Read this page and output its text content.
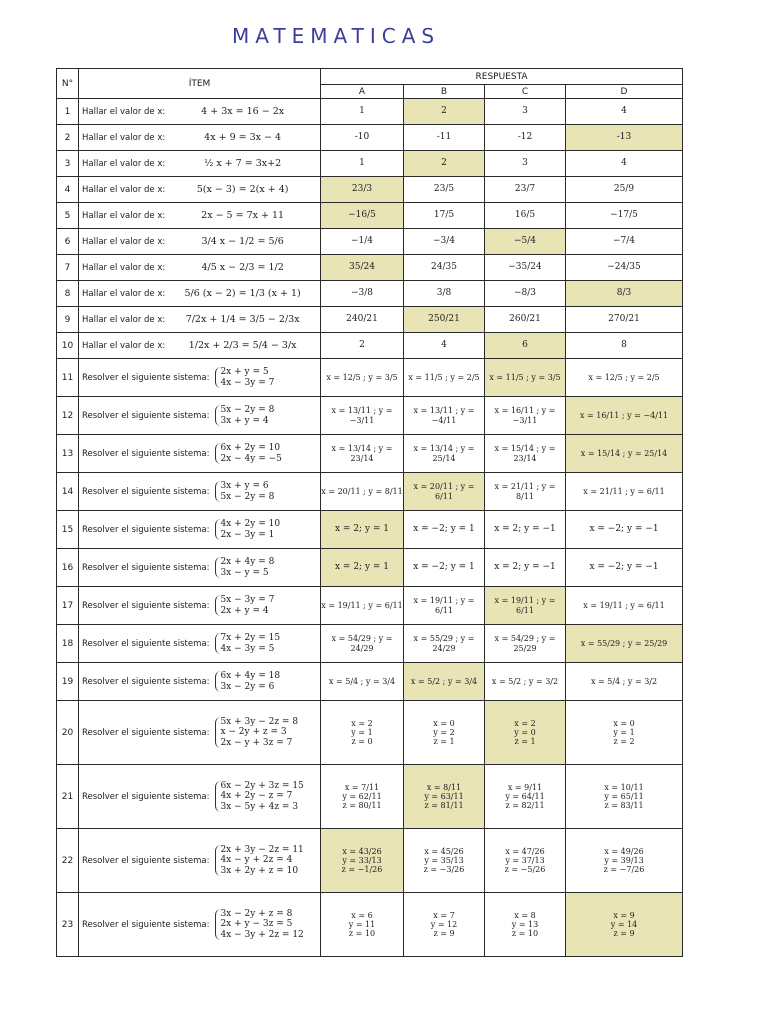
MATEMATICAS
N°	ÍTEM	RESPUESTA			
		A	B	C	D
1	Hallar el valor de x: 4 + 3x = 16 − 2x	1	2	3	4
2	Hallar el valor de x: 4x + 9 = 3x − 4	-10	-11	-12	-13
3	Hallar el valor de x: ½ x + 7 = 3x+2	1	2	3	4
4	Hallar el valor de x: 5(x − 3) = 2(x + 4)	23/3	23/5	23/7	25/9
5	Hallar el valor de x: 2x − 5 = 7x + 11	−16/5	17/5	16/5	−17/5
6	Hallar el valor de x: 3/4 x − 1/2 = 5/6	−1/4	−3/4	−5/4	−7/4
7	Hallar el valor de x: 4/5 x − 2/3 = 1/2	35/24	24/35	−35/24	−24/35
8	Hallar el valor de x: 5/6 (x − 2) = 1/3 (x + 1)	−3/8	3/8	−8/3	8/3
9	Hallar el valor de x: 7/2x + 1/4 = 3/5 − 2/3x	240/21	250/21	260/21	270/21
10	Hallar el valor de x: 1/2x + 2/3 = 5/4 − 3/x	2	4	6	8
11	Resolver el siguiente sistema:
2x + y = 5
4x − 3y = 7	x = 12/5 ; y = 3/5	x = 11/5 ; y = 2/5	x = 11/5 ; y = 3/5	x = 12/5 ; y = 2/5
12	Resolver el siguiente sistema:
5x − 2y = 8
3x + y = 4	x = 13/11 ; y = −3/11	x = 13/11 ; y = −4/11	x = 16/11 ; y = −3/11	x = 16/11 ; y = −4/11
13	Resolver el siguiente sistema:
6x + 2y = 10
2x − 4y = −5	x = 13/14 ; y = 23/14	x = 13/14 ; y = 25/14	x = 15/14 ; y = 23/14	x = 15/14 ; y = 25/14
14	Resolver el siguiente sistema:
3x + y = 6
5x − 2y = 8	x = 20/11 ; y = 8/11	x = 20/11 ; y = 6/11	x = 21/11 ; y = 8/11	x = 21/11 ; y = 6/11
15	Resolver el siguiente sistema:
4x + 2y = 10
2x − 3y = 1	x = 2; y = 1	x = −2; y = 1	x = 2; y = −1	x = −2; y = −1
16	Resolver el siguiente sistema:
2x + 4y = 8
3x − y = 5	x = 2; y = 1	x = −2; y = 1	x = 2; y = −1	x = −2; y = −1
17	Resolver el siguiente sistema:
5x − 3y = 7
2x + y = 4	x = 19/11 ; y = 6/11	x = 19/11 ; y = 6/11	x = 19/11 ; y = 6/11	x = 19/11 ; y = 6/11
18	Resolver el siguiente sistema:
7x + 2y = 15
4x − 3y = 5	x = 54/29 ; y = 24/29	x = 55/29 ; y = 24/29	x = 54/29 ; y = 25/29	x = 55/29 ; y = 25/29
19	Resolver el siguiente sistema:
6x + 4y = 18
3x − 2y = 6	x = 5/4 ; y = 3/4	x = 5/2 ; y = 3/4	x = 5/2 ; y = 3/2	x = 5/4 ; y = 3/2
20	Resolver el siguiente sistema:
5x + 3y − 2z = 8
x − 2y + z = 3
2x − y + 3z = 7	x = 2
y = 1
z = 0	x = 0
y = 2
z = 1	x = 2
y = 0
z = 1	x = 0
y = 1
z = 2
21	Resolver el siguiente sistema:
6x − 2y + 3z = 15
4x + 2y − z = 7
3x − 5y + 4z = 3	x = 7/11
y = 62/11
z = 80/11	x = 8/11
y = 63/11
z = 81/11	x = 9/11
y = 64/11
z = 82/11	x = 10/11
y = 65/11
z = 83/11
22	Resolver el siguiente sistema:
2x + 3y − 2z = 11
4x − y + 2z = 4
3x + 2y + z = 10	x = 43/26
y = 33/13
z = −1/26	x = 45/26
y = 35/13
z = −3/26	x = 47/26
y = 37/13
z = −5/26	x = 49/26
y = 39/13
z = −7/26
23	Resolver el siguiente sistema:
3x − 2y + z = 8
2x + y − 3z = 5
4x − 3y + 2z = 12	x = 6
y = 11
z = 10	x = 7
y = 12
z = 9	x = 8
y = 13
z = 10	x = 9
y = 14
z = 9
